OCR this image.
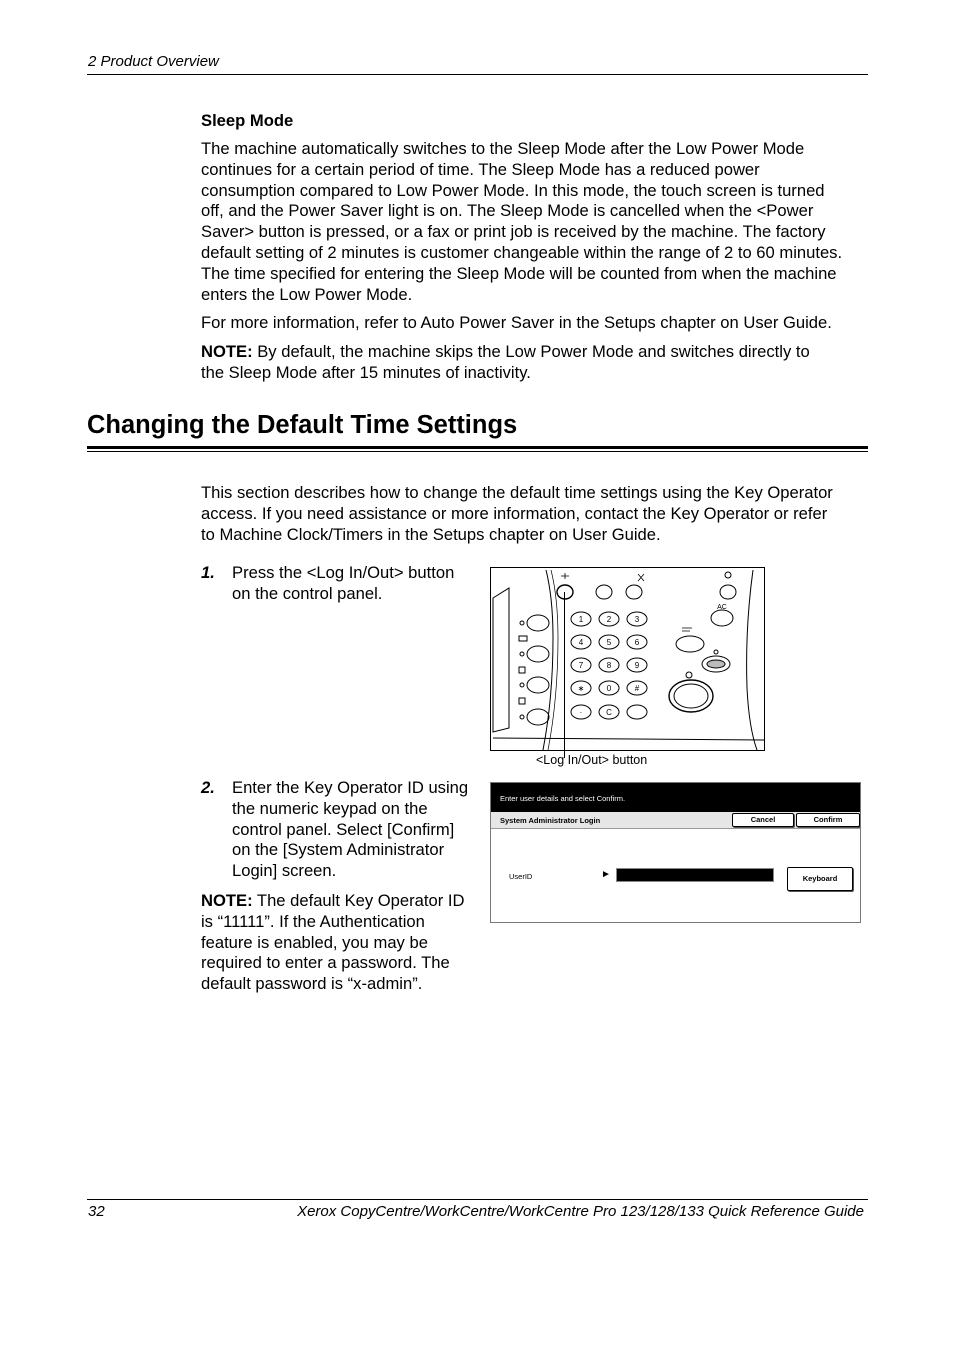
2 Product Overview
Sleep Mode

The machine automatically switches to the Sleep Mode after the Low Power Mode

continues for a certain period of time. The Sleep Mode has a reduced power

consumption compared to Low Power Mode. In this mode, the touch screen is turned

off, and the Power Saver light is on. The Sleep Mode is cancelled when the <Power

Saver> button is pressed, or a fax or print job is received by the machine. The factory

default setting of 2 minutes is customer changeable within the range of 2 to 60 minutes.

The time specified for entering the Sleep Mode will be counted from when the machine

enters the Low Power Mode.

For more information, refer to Auto Power Saver in the Setups chapter on User Guide.

NOTE: By default, the machine skips the Low Power Mode and switches directly to

the Sleep Mode after 15 minutes of inactivity.

Changing the Default Time Settings

This section describes how to change the default time settings using the Key Operator

access. If you need assistance or more information, contact the Key Operator or refer

to Machine Clock/Timers in the Setups chapter on User Guide.

1. Press the <Log In/Out> button

on the control panel.

1	2	3
4	5	6
7	8	9
∗	0	#
·	C
AC
<Log In/Out> button
2. Enter the Key Operator ID using

the numeric keypad on the

control panel. Select [Confirm]

on the [System Administrator

Login] screen.

NOTE: The default Key Operator ID

is “11111”. If the Authentication

feature is enabled, you may be

required to enter a password. The

default password is “x-admin”.

Enter user details and select Confirm.
System Administrator Login	Cancel	Confirm
UserID	►	Keyboard
32	Xerox CopyCentre/WorkCentre/WorkCentre Pro 123/128/133 Quick Reference Guide
